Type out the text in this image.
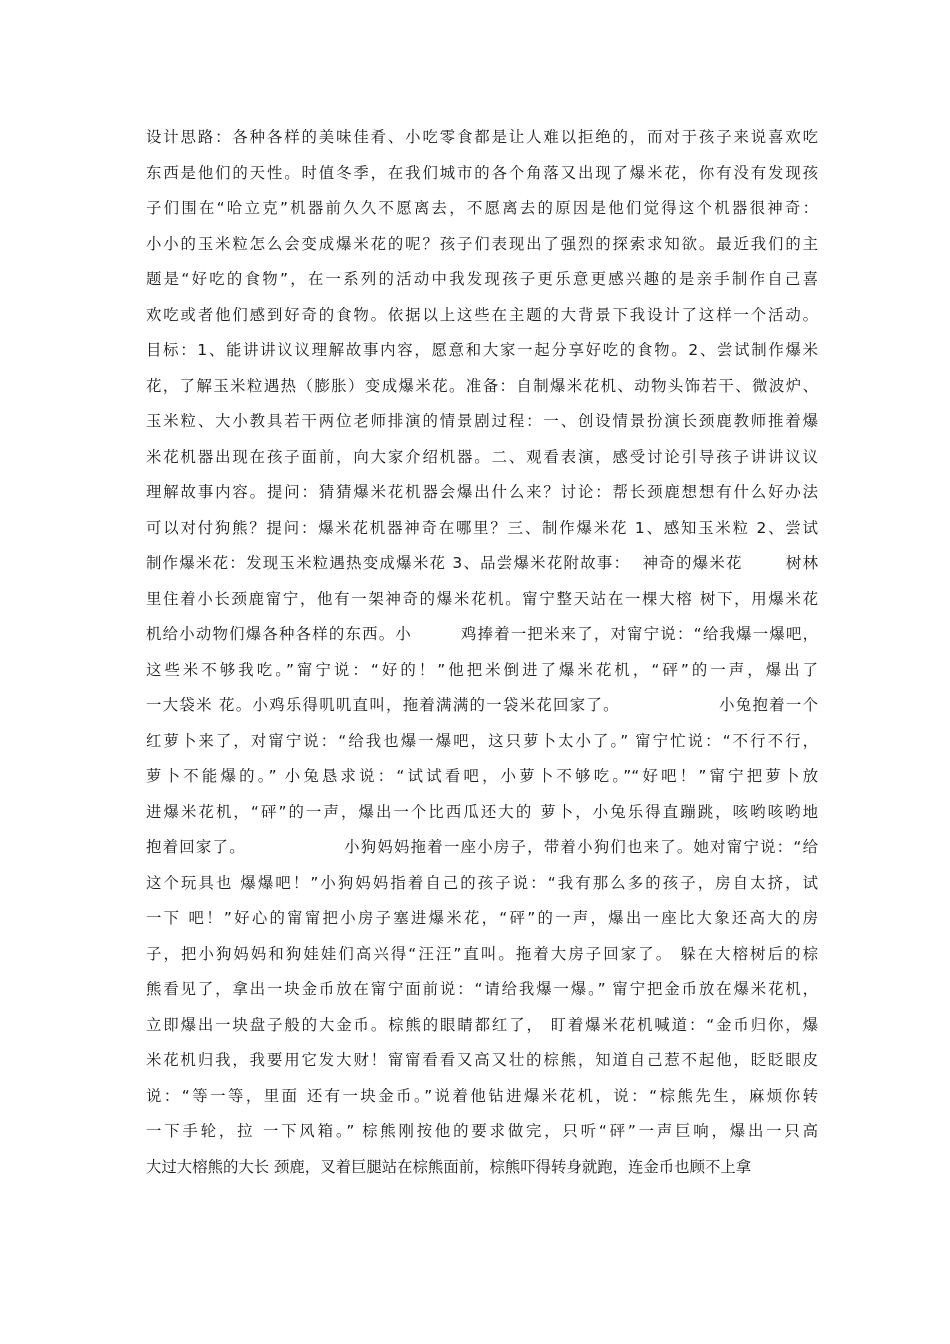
设计思路：各种各样的美味佳肴、小吃零食都是让人难以拒绝的，而对于孩子来说喜欢吃
东西是他们的天性。时值冬季，在我们城市的各个角落又出现了爆米花，你有没有发现孩
子们围在“哈立克”机器前久久不愿离去，不愿离去的原因是他们觉得这个机器很神奇：
小小的玉米粒怎么会变成爆米花的呢？孩子们表现出了强烈的探索求知欲。最近我们的主
题是“好吃的食物”，在一系列的活动中我发现孩子更乐意更感兴趣的是亲手制作自己喜
欢吃或者他们感到好奇的食物。依据以上这些在主题的大背景下我设计了这样一个活动。
目标：1、能讲讲议议理解故事内容，愿意和大家一起分享好吃的食物。2、尝试制作爆米
花，了解玉米粒遇热（膨胀）变成爆米花。准备：自制爆米花机、动物头饰若干、微波炉、
玉米粒、大小教具若干两位老师排演的情景剧过程：一、创设情景扮演长颈鹿教师推着爆
米花机器出现在孩子面前，向大家介绍机器。二、观看表演，感受讨论引导孩子讲讲议议
理解故事内容。提问：猜猜爆米花机器会爆出什么来？讨论：帮长颈鹿想想有什么好办法
可以对付狗熊？提问：爆米花机器神奇在哪里？三、制作爆米花 1、感知玉米粒 2、尝试
制作爆米花：发现玉米粒遇热变成爆米花 3、品尝爆米花附故事：  神奇的爆米花       树林
里住着小长颈鹿甯宁，他有一架神奇的爆米花机。甯宁整天站在一棵大榕 树下，用爆米花
机给小动物们爆各种各样的东西。小        鸡捧着一把米来了，对甯宁说：“给我爆一爆吧，
这些米不够我吃。”甯宁说：“好的！”他把米倒进了爆米花机，“砰”的一声，爆出了
一大袋米 花。小鸡乐得叽叽直叫，拖着满满的一袋米花回家了。                小兔抱着一个
红萝卜来了，对甯宁说：“给我也爆一爆吧，这只萝卜太小了。” 甯宁忙说：“不行不行，
萝卜不能爆的。” 小兔恳求说：“试试看吧，小萝卜不够吃。”“好吧！”甯宁把萝卜放
进爆米花机，“砰”的一声，爆出一个比西瓜还大的 萝卜，小兔乐得直蹦跳，咳哟咳哟地
抱着回家了。                小狗妈妈拖着一座小房子，带着小狗们也来了。她对甯宁说：“给
这个玩具也 爆爆吧！”小狗妈妈指着自己的孩子说：“我有那么多的孩子，房自太挤，试
一下 吧！”好心的甯甯把小房子塞进爆米花，“砰”的一声，爆出一座比大象还高大的房
子，把小狗妈妈和狗娃娃们高兴得“汪汪”直叫。拖着大房子回家了。 躲在大榕树后的棕
熊看见了，拿出一块金币放在甯宁面前说：“请给我爆一爆。” 甯宁把金币放在爆米花机，
立即爆出一块盘子般的大金币。棕熊的眼睛都红了， 盯着爆米花机喊道：“金币归你，爆
米花机归我，我要用它发大财！甯甯看看又高又壮的棕熊，知道自己惹不起他，眨眨眼皮
说：“等一等，里面 还有一块金币。”说着他钻进爆米花机，说：“棕熊先生，麻烦你转
一下手轮，拉 一下风箱。” 棕熊刚按他的要求做完，只听“砰”一声巨响，爆出一只高
大过大榕熊的大长 颈鹿，叉着巨腿站在棕熊面前，棕熊吓得转身就跑，连金币也顾不上拿
